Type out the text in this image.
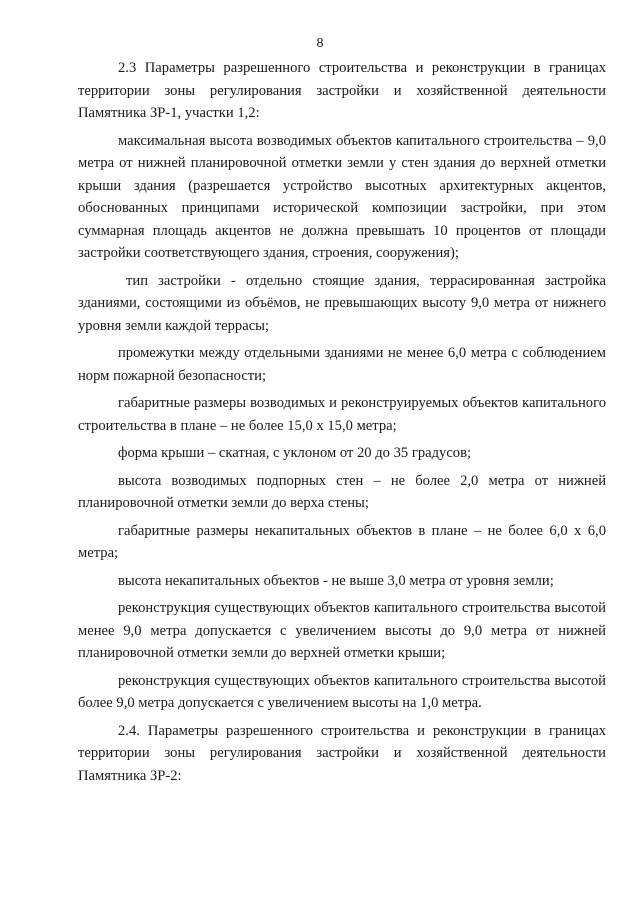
8

2.3 Параметры разрешенного строительства и реконструкции в границах территории зоны регулирования застройки и хозяйственной деятельности Памятника ЗР-1, участки 1,2:

максимальная высота возводимых объектов капитального строительства – 9,0 метра от нижней планировочной отметки земли у стен здания до верхней отметки крыши здания (разрешается устройство высотных архитектурных акцентов, обоснованных принципами исторической композиции застройки, при этом суммарная площадь акцентов не должна превышать 10 процентов от площади застройки соответствующего здания, строения, сооружения);

тип застройки - отдельно стоящие здания, террасированная застройка зданиями, состоящими из объёмов, не превышающих высоту 9,0 метра от нижнего уровня земли каждой террасы;

промежутки между отдельными зданиями не менее 6,0 метра с соблюдением норм пожарной безопасности;

габаритные размеры возводимых и реконструируемых объектов капитального строительства в плане – не более 15,0 х 15,0 метра;

форма крыши – скатная, с уклоном от 20 до 35 градусов;

высота возводимых подпорных стен – не более 2,0 метра от нижней планировочной отметки земли до верха стены;

габаритные размеры некапитальных объектов в плане – не более 6,0 х 6,0 метра;

высота некапитальных объектов - не выше 3,0 метра от уровня земли;

реконструкция существующих объектов капитального строительства высотой менее 9,0 метра допускается с увеличением высоты до 9,0 метра от нижней планировочной отметки земли до верхней отметки крыши;

реконструкция существующих объектов капитального строительства высотой более 9,0 метра допускается с увеличением высоты на 1,0 метра.

2.4. Параметры разрешенного строительства и реконструкции в границах территории зоны регулирования застройки и хозяйственной деятельности Памятника ЗР-2:
